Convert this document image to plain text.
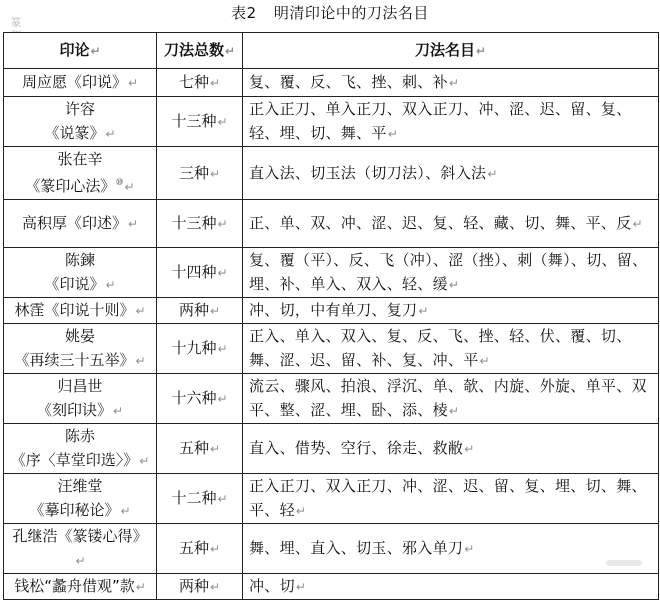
篆
表2 明清印论中的刀法名目
印论↵	刀法总数↵	刀法名目↵
周应愿《印说》↵	七种↵	复、覆、反、飞、挫、刺、补↵
许容
《说篆》↵	十三种↵	正入正刀、单入正刀、双入正刀、冲、涩、迟、留、复、轻、埋、切、舞、平↵
张在辛
《篆印心法》⑩↵	三种↵	直入法、切玉法（切刀法）、斜入法↵
高积厚《印述》↵	十三种↵	正、单、双、冲、涩、迟、复、轻、藏、切、舞、平、反↵
陈鍊
《印说》↵	十四种↵	复、覆（平）、反、飞（冲）、涩（挫）、刺（舞）、切、留、埋、补、单入、双入、轻、缓↵
林霔《印说十则》↵	两种↵	冲、切，中有单刀、复刀↵
姚晏
《再续三十五举》↵	十九种↵	正入、单入、双入、复、反、飞、挫、轻、伏、覆、切、舞、涩、迟、留、补、复、冲、平↵
归昌世
《刻印诀》↵	十六种↵	流云、骤风、拍浪、浮沉、单、欹、内旋、外旋、单平、双平、整、涩、埋、卧、添、棱↵
陈赤
《序〈草堂印选〉》↵	五种↵	直入、借势、空行、徐走、救敝↵
汪维堂
《摹印秘论》↵	十二种↵	正入正刀、双入正刀、冲、涩、迟、留、复、埋、切、舞、平、轻↵
孔继浩《篆镂心得》↵	五种↵	舞、埋、直入、切玉、邪入单刀↵
钱松“蠡舟借观”款↵	两种↵	冲、切↵
